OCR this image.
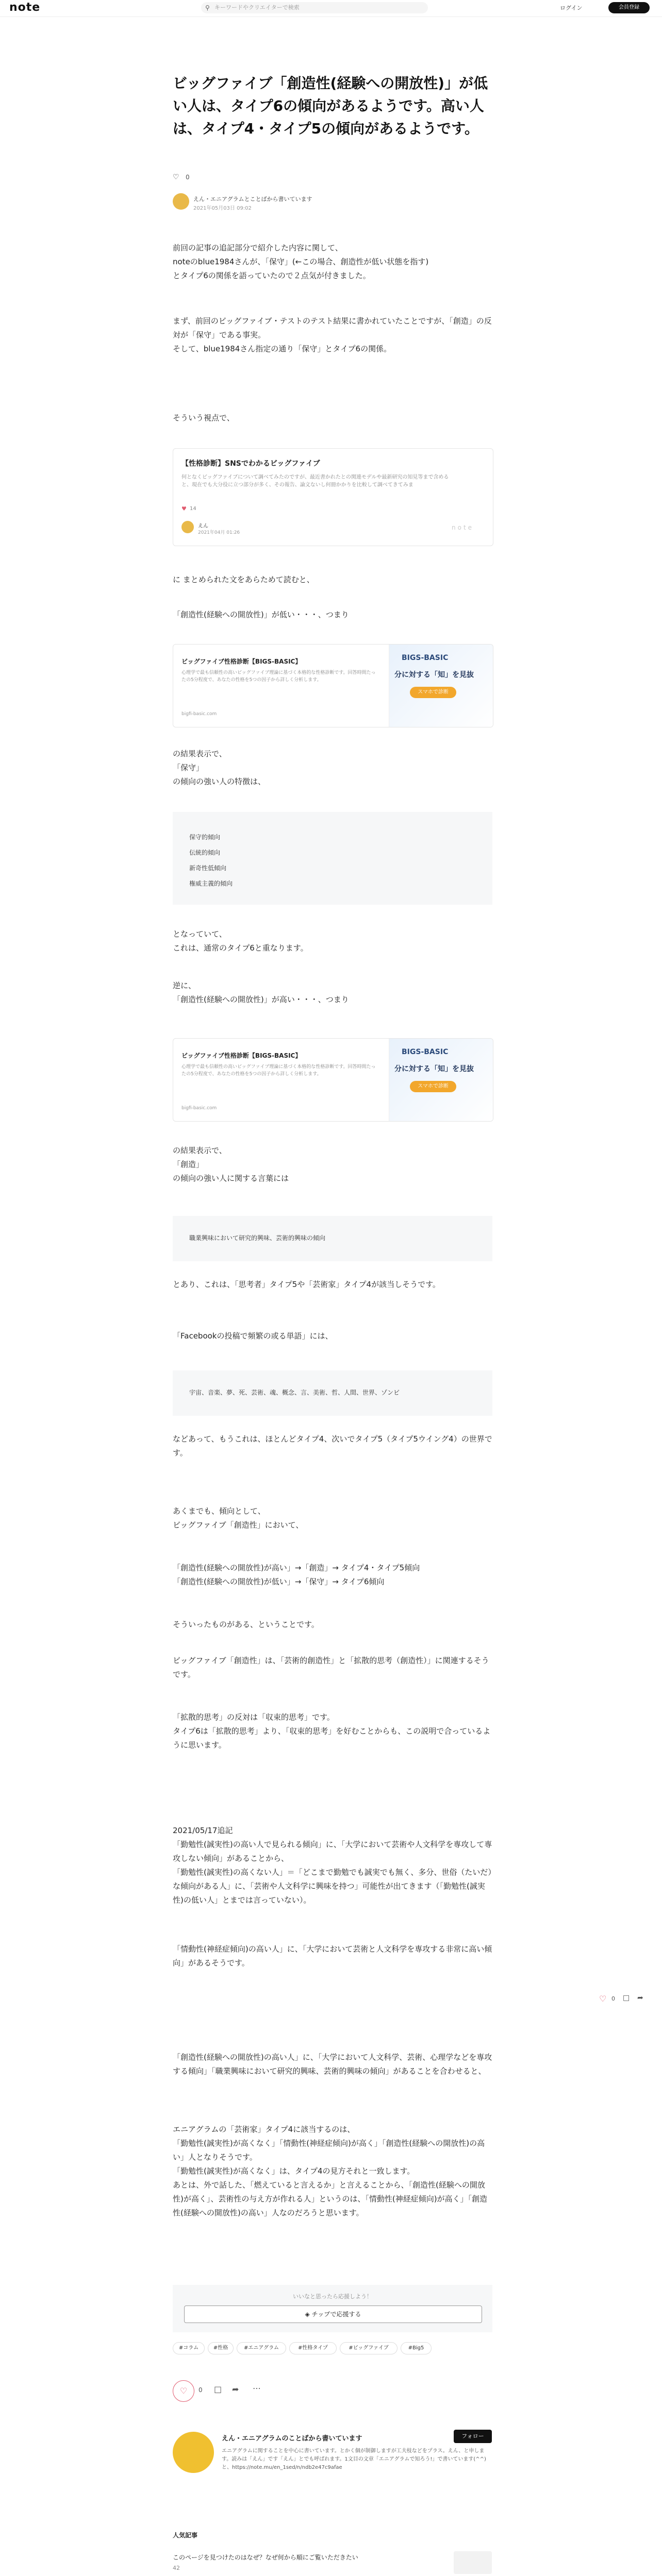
note	⚲ キーワードやクリエイターで検索	ログイン	会員登録
ビッグファイブ「創造性(経験への開放性)」が低い人は、タイプ6の傾向があるようです。高い人は、タイプ4・タイプ5の傾向があるようです。
♡ 0
えん・エニアグラムとことばから書いています
2021年05月03日 09:02

前回の記事の追記部分で紹介した内容に関して、

noteのblue1984さんが、「保守」(←この場合、創造性が低い状態を指す)

とタイプ6の関係を語っていたので２点気が付きました。

まず、前回のビッグファイブ・テストのテスト結果に書かれていたことですが、「創造」の反対が「保守」である事実。

そして、blue1984さん指定の通り「保守」とタイプ6の関係。

そういう視点で、

【性格診断】SNSでわかるビッグファイブ
何となくビッグファイブについて調べてみたのですが、最近書かれたとの関連モデルや最新研究の知見等まで含めると、現在でも大分役に立つ部分が多く、その報告、論文ないし何冊かかりを比較して調べてきてみま
♥ 14
えん
2021年04月 01:26
note

に まとめられた文をあらためて読むと、

「創造性(経験への開放性)」が低い・・・、つまり

ビッグファイブ性格診断【BIGS-BASIC】
心理学で最も信頼性の高いビッグファイブ理論に基づく本格的な性格診断です。回答時間たったの5分程度で、あなたの性格を5つの因子から詳しく分析します。
bigfi-basic.com
BIGS-BASIC
分に対する「知」を見抜
スマホで診断

の結果表示で、

「保守」

の傾向の強い人の特徴は、

保守的傾向
伝統的傾向
新奇性低傾向
権威主義的傾向

となっていて、

これは、通常のタイプ6と重なります。

逆に、

「創造性(経験への開放性)」が高い・・・、つまり

ビッグファイブ性格診断【BIGS-BASIC】
心理学で最も信頼性の高いビッグファイブ理論に基づく本格的な性格診断です。回答時間たったの5分程度で、あなたの性格を5つの因子から詳しく分析します。
bigfi-basic.com
BIGS-BASIC
分に対する「知」を見抜
スマホで診断

の結果表示で、

「創造」

の傾向の強い人に関する言葉には

職業興味において研究的興味、芸術的興味の傾向

とあり、これは、「思考者」タイプ5や「芸術家」タイプ4が該当しそうです。

「Facebookの投稿で頻繁の或る単語」には、

宇宙、音楽、夢、死、芸術、魂、概念、言、美術、哲、人間、世界、ゾンビ

などあって、もうこれは、ほとんどタイプ4、次いでタイプ5（タイプ5ウイング4）の世界です。

あくまでも、傾向として、

ビッグファイブ「創造性」において、

「創造性(経験への開放性)が高い」→「創造」→ タイプ4・タイプ5傾向

「創造性(経験への開放性)が低い」→「保守」→ タイプ6傾向

そういったものがある、ということです。

ビッグファイブ「創造性」は、「芸術的創造性」と「拡散的思考（創造性）」に関連するそうです。

「拡散的思考」の反対は「収束的思考」です。

タイプ6は「拡散的思考」より、「収束的思考」を好むことからも、この説明で合っているように思います。

2021/05/17追記

「勤勉性(誠実性)の高い人で見られる傾向」に、「大学において芸術や人文科学を専攻して専攻しない傾向」があることから、

「勤勉性(誠実性)の高くない人」＝「どこまで勤勉でも誠実でも無く、多分、世俗（たいだ）な傾向がある人」に、「芸術や人文科学に興味を持つ」可能性が出てきます（「勤勉性(誠実性)の低い人」とまでは言っていない）。

「情動性(神経症傾向)の高い人」に、「大学において芸術と人文科学を専攻する非常に高い傾向」があるそうです。

♡ 0 □ ➦

「創造性(経験への開放性)の高い人」に、「大学において人文科学、芸術、心理学などを専攻する傾向」「職業興味において研究的興味、芸術的興味の傾向」があることを合わせると、

エニアグラムの「芸術家」タイプ4に該当するのは、

「勤勉性(誠実性)が高くなく」「情動性(神経症傾向)が高く」「創造性(経験への開放性)の高い」人となりそうです。

「勤勉性(誠実性)が高くなく」は、タイプ4の見方それと一致します。

あとは、外で話した、「燃えていると言えるか」と言えることから、「創造性(経験への開放性)が高く」、芸術性の与え方が作れる人」というのは、「情動性(神経症傾向)が高く」「創造性(経験への開放性)の高い」人なのだろうと思います。

いいなと思ったら応援しよう！
◈ チップで応援する
#コラム	#性格	#エニアグラム	#性格タイプ	#ビッグファイブ	#Big5
♡	0 □ ➦ ⋯
えん・エニアグラムのことばから書いています	フォロー
エニアグラムに関することを中心に書いています。とかく個が制御しますが工夫枝などをプラス。えん、と申します。読みは「えん」です「えん」とでも呼ばれます。1文目の文章「エニアグラムで知ろう!」で書いています(^^)と、https://note.mu/en_1sed/n/ndb2e47c9afae
人気記事
このページを見つけたのはなぜ？なぜ何から順にご覧いただきたい
42
